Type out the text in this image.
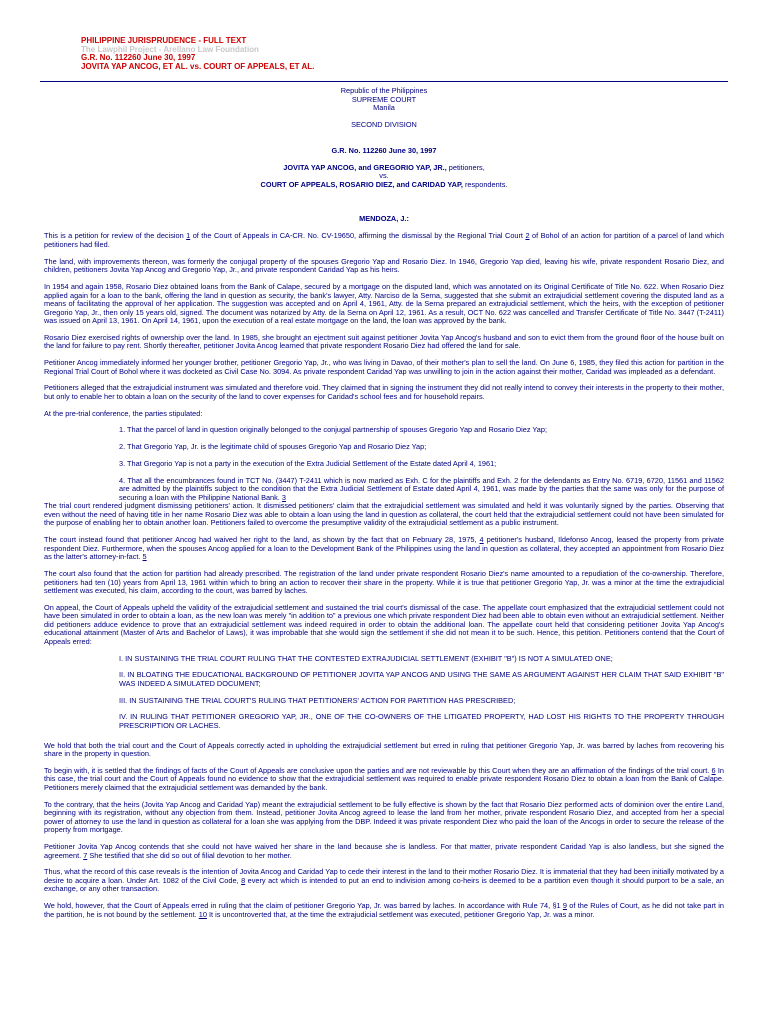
PHILIPPINE JURISPRUDENCE - FULL TEXT
The Lawphil Project - Arellano Law Foundation
G.R. No. 112260 June 30, 1997
JOVITA YAP ANCOG, ET AL. vs. COURT OF APPEALS, ET AL.
Republic of the Philippines
SUPREME COURT
Manila
SECOND DIVISION
G.R. No. 112260 June 30, 1997
JOVITA YAP ANCOG, and GREGORIO YAP, JR., petitioners,
vs.
COURT OF APPEALS, ROSARIO DIEZ, and CARIDAD YAP, respondents.
MENDOZA, J.:

This is a petition for review of the decision 1 of the Court of Appeals in CA-CR. No. CV-19650, affirming the dismissal by the Regional Trial Court 2 of Bohol of an action for partition of a parcel of land which petitioners had filed.

The land, with improvements thereon, was formerly the conjugal property of the spouses Gregorio Yap and Rosario Diez. In 1946, Gregorio Yap died, leaving his wife, private respondent Rosario Diez, and children, petitioners Jovita Yap Ancog and Gregorio Yap, Jr., and private respondent Caridad Yap as his heirs.

In 1954 and again 1958, Rosario Diez obtained loans from the Bank of Calape, secured by a mortgage on the disputed land, which was annotated on its Original Certificate of Title No. 622. When Rosario Diez applied again for a loan to the bank, offering the land in question as security, the bank's lawyer, Atty. Narciso de la Serna, suggested that she submit an extrajudicial settlement covering the disputed land as a means of facilitating the approval of her application. The suggestion was accepted and on April 4, 1961, Atty. de la Serna prepared an extrajudicial settlement, which the heirs, with the exception of petitioner Gregorio Yap, Jr., then only 15 years old, signed. The document was notarized by Atty. de la Serna on April 12, 1961. As a result, OCT No. 622 was cancelled and Transfer Certificate of Title No. 3447 (T-2411) was issued on April 13, 1961. On April 14, 1961, upon the execution of a real estate mortgage on the land, the loan was approved by the bank.

Rosario Diez exercised rights of ownership over the land. In 1985, she brought an ejectment suit against petitioner Jovita Yap Ancog's husband and son to evict them from the ground floor of the house built on the land for failure to pay rent. Shortly thereafter, petitioner Jovita Ancog learned that private respondent Rosario Diez had offered the land for sale.

Petitioner Ancog immediately informed her younger brother, petitioner Gregorio Yap, Jr., who was living in Davao, of their mother's plan to sell the land. On June 6, 1985, they filed this action for partition in the Regional Trial Court of Bohol where it was docketed as Civil Case No. 3094. As private respondent Caridad Yap was unwilling to join in the action against their mother, Caridad was impleaded as a defendant.

Petitioners alleged that the extrajudicial instrument was simulated and therefore void. They claimed that in signing the instrument they did not really intend to convey their interests in the property to their mother, but only to enable her to obtain a loan on the security of the land to cover expenses for Caridad's school fees and for household repairs.

At the pre-trial conference, the parties stipulated:

1. That the parcel of land in question originally belonged to the conjugal partnership of spouses Gregorio Yap and Rosario Diez Yap;

2. That Gregorio Yap, Jr. is the legitimate child of spouses Gregorio Yap and Rosario Diez Yap;

3. That Gregorio Yap is not a party in the execution of the Extra Judicial Settlement of the Estate dated April 4, 1961;

4. That all the encumbrances found in TCT No. (3447) T-2411 which is now marked as Exh. C for the plaintiffs and Exh. 2 for the defendants as Entry No. 6719, 6720, 11561 and 11562 are admitted by the plaintiffs subject to the condition that the Extra Judicial Settlement of Estate dated April 4, 1961, was made by the parties that the same was only for the purpose of securing a loan with the Philippine National Bank. 3

The trial court rendered judgment dismissing petitioners' action. It dismissed petitioners' claim that the extrajudicial settlement was simulated and held it was voluntarily signed by the parties. Observing that even without the need of having title in her name Rosario Diez was able to obtain a loan using the land in question as collateral, the court held that the extrajudicial settlement could not have been simulated for the purpose of enabling her to obtain another loan. Petitioners failed to overcome the presumptive validity of the extrajudicial settlement as a public instrument.

The court instead found that petitioner Ancog had waived her right to the land, as shown by the fact that on February 28, 1975, 4 petitioner's husband, Ildefonso Ancog, leased the property from private respondent Diez. Furthermore, when the spouses Ancog applied for a loan to the Development Bank of the Philippines using the land in question as collateral, they accepted an appointment from Rosario Diez as the latter's attorney-in-fact. 5

The court also found that the action for partition had already prescribed. The registration of the land under private respondent Rosario Diez's name amounted to a repudiation of the co-ownership. Therefore, petitioners had ten (10) years from April 13, 1961 within which to bring an action to recover their share in the property. While it is true that petitioner Gregorio Yap, Jr. was a minor at the time the extrajudicial settlement was executed, his claim, according to the court, was barred by laches.

On appeal, the Court of Appeals upheld the validity of the extrajudicial settlement and sustained the trial court's dismissal of the case. The appellate court emphasized that the extrajudicial settlement could not have been simulated in order to obtain a loan, as the new loan was merely "in addition to" a previous one which private respondent Diez had been able to obtain even without an extrajudicial settlement. Neither did petitioners adduce evidence to prove that an extrajudicial settlement was indeed required in order to obtain the additional loan. The appellate court held that considering petitioner Jovita Yap Ancog's educational attainment (Master of Arts and Bachelor of Laws), it was improbable that she would sign the settlement if she did not mean it to be such. Hence, this petition. Petitioners contend that the Court of Appeals erred:

I. IN SUSTAINING THE TRIAL COURT RULING THAT THE CONTESTED EXTRAJUDICIAL SETTLEMENT (EXHIBIT "B") IS NOT A SIMULATED ONE;

II. IN BLOATING THE EDUCATIONAL BACKGROUND OF PETITIONER JOVITA YAP ANCOG AND USING THE SAME AS ARGUMENT AGAINST HER CLAIM THAT SAID EXHIBIT "B" WAS INDEED A SIMULATED DOCUMENT;

III. IN SUSTAINING THE TRIAL COURT'S RULING THAT PETITIONERS' ACTION FOR PARTITION HAS PRESCRIBED;

IV. IN RULING THAT PETITIONER GREGORIO YAP, JR., ONE OF THE CO-OWNERS OF THE LITIGATED PROPERTY, HAD LOST HIS RIGHTS TO THE PROPERTY THROUGH PRESCRIPTION OR LACHES.

We hold that both the trial court and the Court of Appeals correctly acted in upholding the extrajudicial settlement but erred in ruling that petitioner Gregorio Yap, Jr. was barred by laches from recovering his share in the property in question.

To begin with, it is settled that the findings of facts of the Court of Appeals are conclusive upon the parties and are not reviewable by this Court when they are an affirmation of the findings of the trial court. 6 In this case, the trial court and the Court of Appeals found no evidence to show that the extrajudicial settlement was required to enable private respondent Rosario Diez to obtain a loan from the Bank of Calape. Petitioners merely claimed that the extrajudicial settlement was demanded by the bank.

To the contrary, that the heirs (Jovita Yap Ancog and Caridad Yap) meant the extrajudicial settlement to be fully effective is shown by the fact that Rosario Diez performed acts of dominion over the entire Land, beginning with its registration, without any objection from them. Instead, petitioner Jovita Ancog agreed to lease the land from her mother, private respondent Rosario Diez, and accepted from her a special power of attorney to use the land in question as collateral for a loan she was applying from the DBP. Indeed it was private respondent Diez who paid the loan of the Ancogs in order to secure the release of the property from mortgage.

Petitioner Jovita Yap Ancog contends that she could not have waived her share in the land because she is landless. For that matter, private respondent Caridad Yap is also landless, but she signed the agreement. 7 She testified that she did so out of filial devotion to her mother.

Thus, what the record of this case reveals is the intention of Jovita Ancog and Caridad Yap to cede their interest in the land to their mother Rosario Diez. It is immaterial that they had been initially motivated by a desire to acquire a loan. Under Art. 1082 of the Civil Code, 8 every act which is intended to put an end to indivision among co-heirs is deemed to be a partition even though it should purport to be a sale, an exchange, or any other transaction.

We hold, however, that the Court of Appeals erred in ruling that the claim of petitioner Gregorio Yap, Jr. was barred by laches. In accordance with Rule 74, §1 9 of the Rules of Court, as he did not take part in the partition, he is not bound by the settlement. 10 It is uncontroverted that, at the time the extrajudicial settlement was executed, petitioner Gregorio Yap, Jr. was a minor.
